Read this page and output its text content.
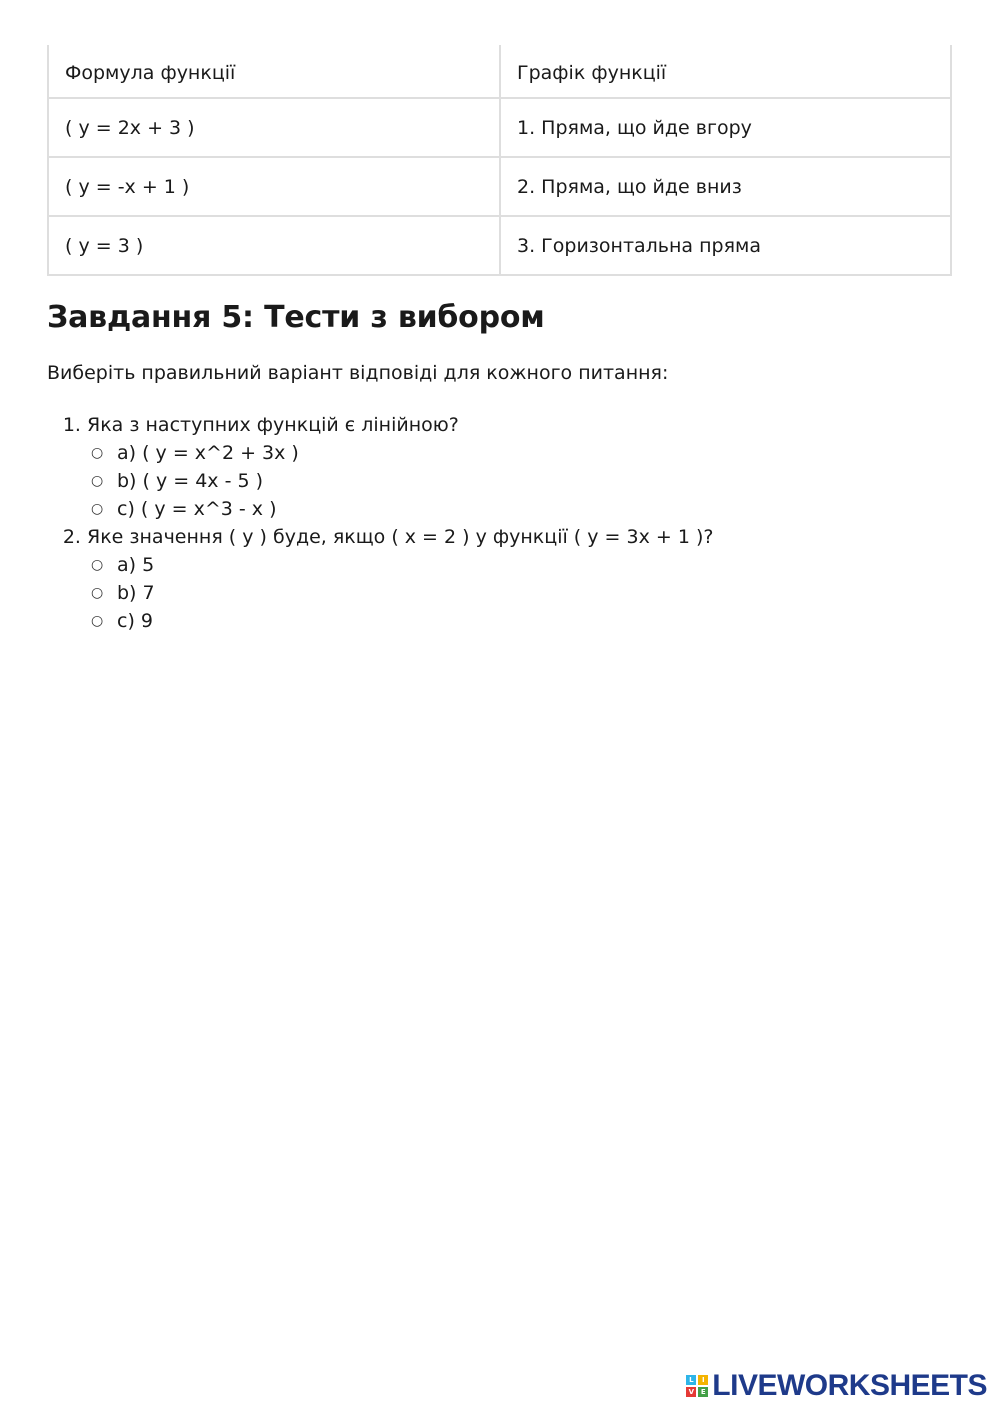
Формула функції	Графік функції
( y = 2x + 3 )	1. Пряма, що йде вгору
( y = -x + 1 )	2. Пряма, що йде вниз
( y = 3 )	3. Горизонтальна пряма
Завдання 5: Тести з вибором

Виберіть правильний варіант відповіді для кожного питання:

1. Яка з наступних функцій є лінійною?
○ a) ( y = x^2 + 3x )
○ b) ( y = 4x - 5 )
○ c) ( y = x^3 - x )
2. Яке значення ( y ) буде, якщо ( x = 2 ) у функції ( y = 3x + 1 )?
○ a) 5
○ b) 7
○ c) 9
L	I
V E LIVEWORKSHEETS
